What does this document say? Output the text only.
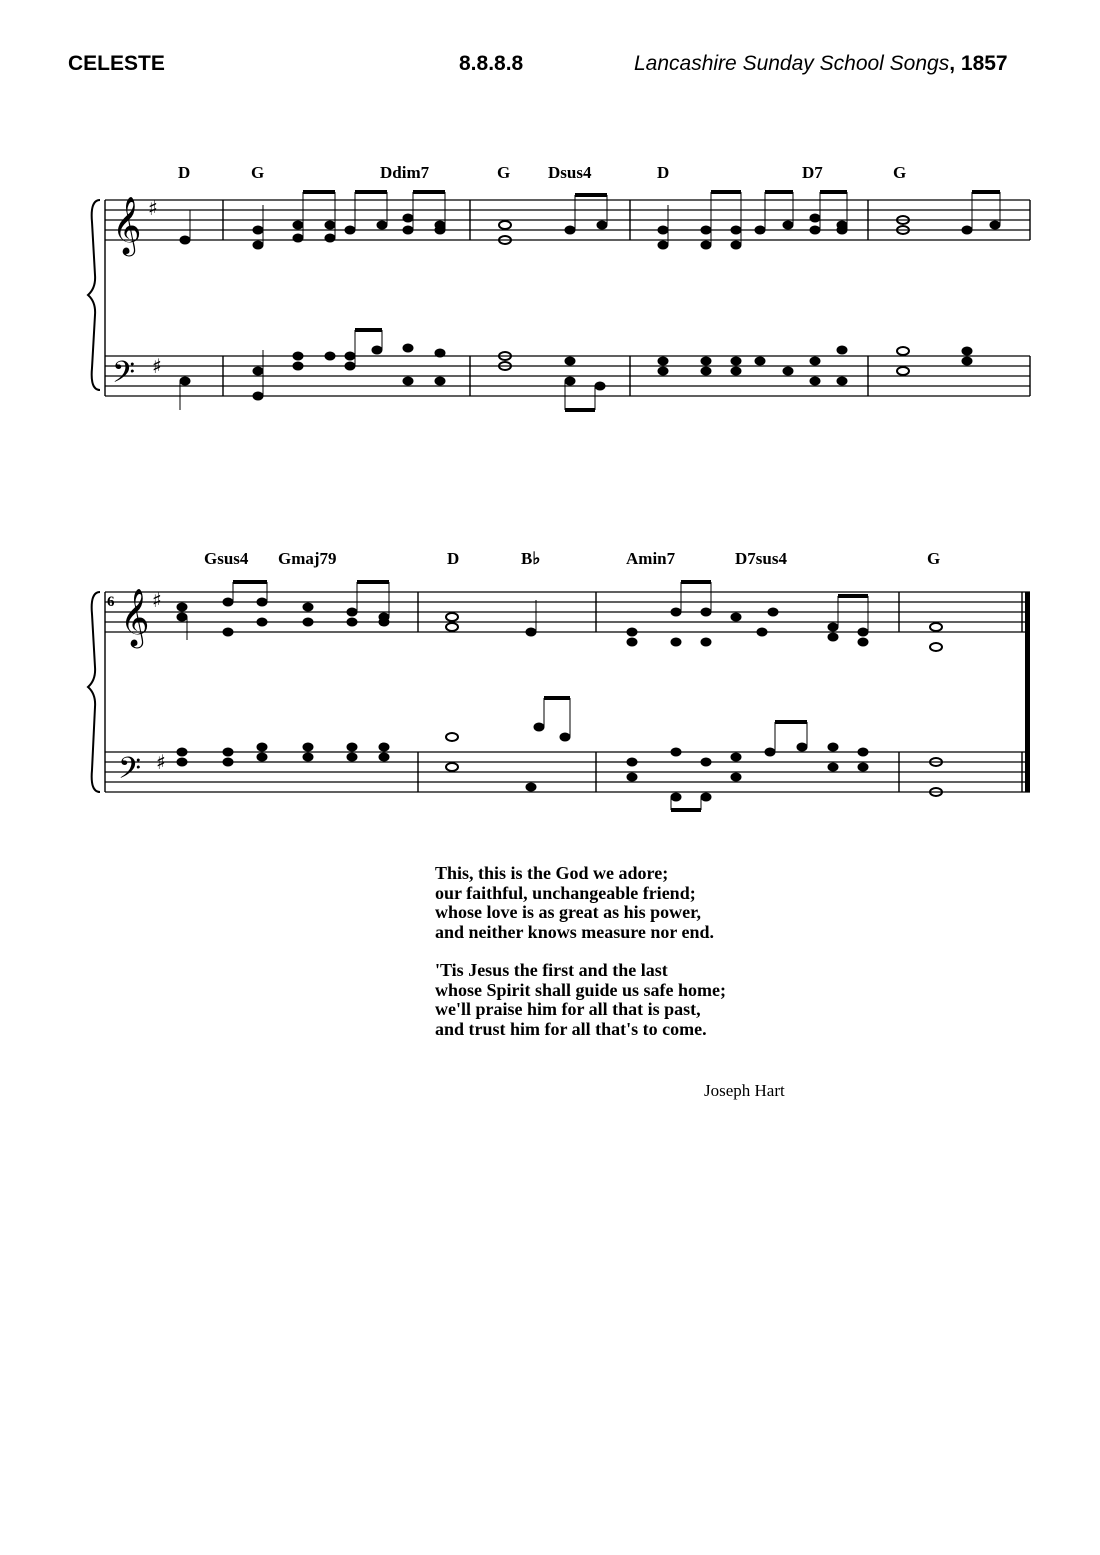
CELESTE	8.8.8.8	Lancashire Sunday School Songs, 1857
D	G	Ddim7	G Dsus4	D	D7	G
𝄞 ♯
𝄢 ♯
6
Gsus4 Gmaj79	D	B♭	Amin7	D7sus4	G
𝄞 ♯
𝄢 ♯
This, this is the God we adore;
our faithful, unchangeable friend;
whose love is as great as his power,
and neither knows measure nor end.
'Tis Jesus the first and the last
whose Spirit shall guide us safe home;
we'll praise him for all that is past,
and trust him for all that's to come.
Joseph Hart
